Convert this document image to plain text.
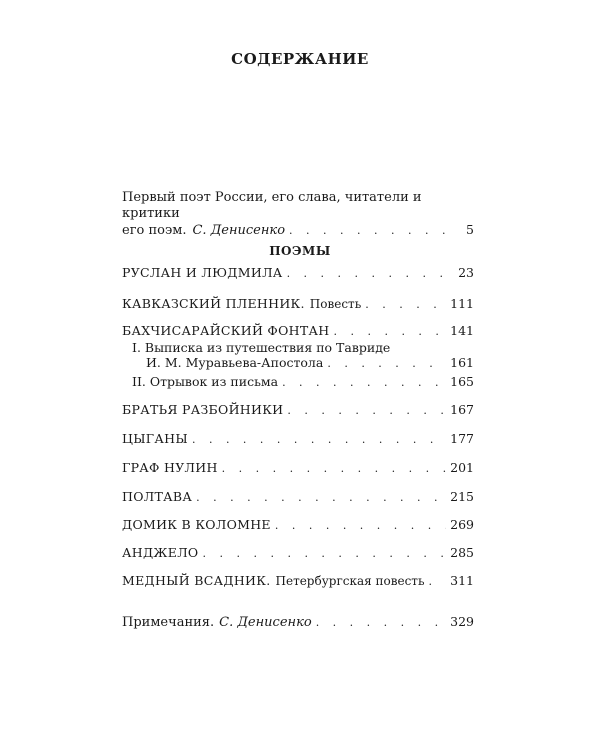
СОДЕРЖАНИЕ
Первый поэт России, его слава, читатели и критики
его поэм. С. Денисенко . . .	5
ПОЭМЫ
РУСЛАН И ЛЮДМИЛА . . .	23
КАВКАЗСКИЙ ПЛЕННИК. Повесть . . .	111
БАХЧИСАРАЙСКИЙ ФОНТАН . . .	141
I. Выписка из путешествия по Тавриде
И. М. Муравьева-Апостола . . .	161
II. Отрывок из письма . . .	165
БРАТЬЯ РАЗБОЙНИКИ . . .	167
ЦЫГАНЫ . . .	177
ГРАФ НУЛИН . . .	201
ПОЛТАВА . . .	215
ДОМИК В КОЛОМНЕ . . .	269
АНДЖЕЛО . . .	285
МЕДНЫЙ ВСАДНИК. Петербургская повесть . . . 311
Примечания. С. Денисенко . . .	329
